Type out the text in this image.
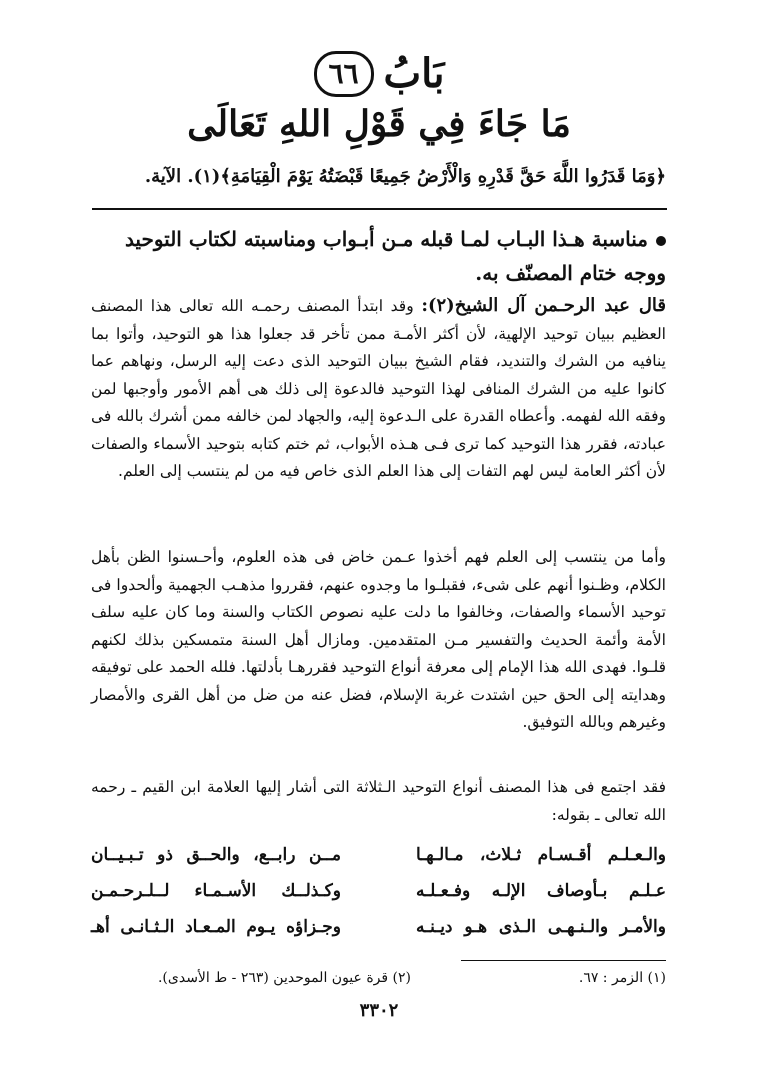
بَابُ
٦٦
مَا جَاءَ فِي قَوْلِ اللهِ تَعَالَى
﴿وَمَا قَدَرُوا اللَّهَ حَقَّ قَدْرِهِ وَالْأَرْضُ جَمِيعًا قَبْضَتُهُ يَوْمَ الْقِيَامَةِ﴾(١). الآية.
مناسبة هـذا البـاب لمـا قبله مـن أبـواب ومناسبته لكتاب التوحيد ووجه ختام المصنّف به.
قال عبد الرحـمن آل الشيخ(٢): وقد ابتدأ المصنف رحمـه الله تعالى هذا المصنف العظيم ببيان توحيد الإلهية، لأن أكثر الأمـة ممن تأخر قد جعلوا هذا هو التوحيد، وأتوا بما ينافيه من الشرك والتنديد، فقام الشيخ ببيان التوحيد الذى دعت إليه الرسل، ونهاهم عما كانوا عليه من الشرك المنافى لهذا التوحيد فالدعوة إلى ذلك هى أهم الأمور وأوجبها لمن وفقه الله لفهمه. وأعطاه القدرة على الـدعوة إليه، والجهاد لمن خالفه ممن أشرك بالله فى عبادته، فقرر هذا التوحيد كما ترى فـى هـذه الأبواب، ثم ختم كتابه بتوحيد الأسماء والصفات لأن أكثر العامة ليس لهم التفات إلى هذا العلم الذى خاص فيه من لم ينتسب إلى العلم.
وأما من ينتسب إلى العلم فهم أخذوا عـمن خاض فى هذه العلوم، وأحـسنوا الظن بأهل الكلام، وظـنوا أنهم على شىء، فقبلـوا ما وجدوه عنهم، فقرروا مذهـب الجهمية وألحدوا فى توحيد الأسماء والصفات، وخالفوا ما دلت عليه نصوص الكتاب والسنة وما كان عليه سلف الأمة وأئمة الحديث والتفسير مـن المتقدمين. ومازال أهل السنة متمسكين بذلك لكنهم قلـوا. فهدى الله هذا الإمام إلى معرفة أنواع التوحيد فقررهـا بأدلتها. فلله الحمد على توفيقه وهدايته إلى الحق حين اشتدت غربة الإسلام، فضل عنه من ضل من أهل القرى والأمصار وغيرهم وبالله التوفيق.
فقد اجتمع فى هذا المصنف أنواع التوحيد الـثلاثة التى أشار إليها العلامة ابن القيم ـ رحمه الله تعالى ـ بقوله:
والـعـلـم أقـسـام ثـلاث، مـالـهـا
مــن رابــع، والحــق ذو تـبـيــان
عـلـم بـأوصاف الإلـه وفـعـلـه
وكـذلــك الأسـمـاء لــلـرحـمـن
والأمـر والـنـهـى الـذى هـو ديـنـه
وجـزاؤه يـوم المـعـاد الـثـانـى أهـ
(١) الزمر : ٦٧.
(٢) قرة عيون الموحدين (٢٦٣ - ط الأسدى).
٣٣٠٢
